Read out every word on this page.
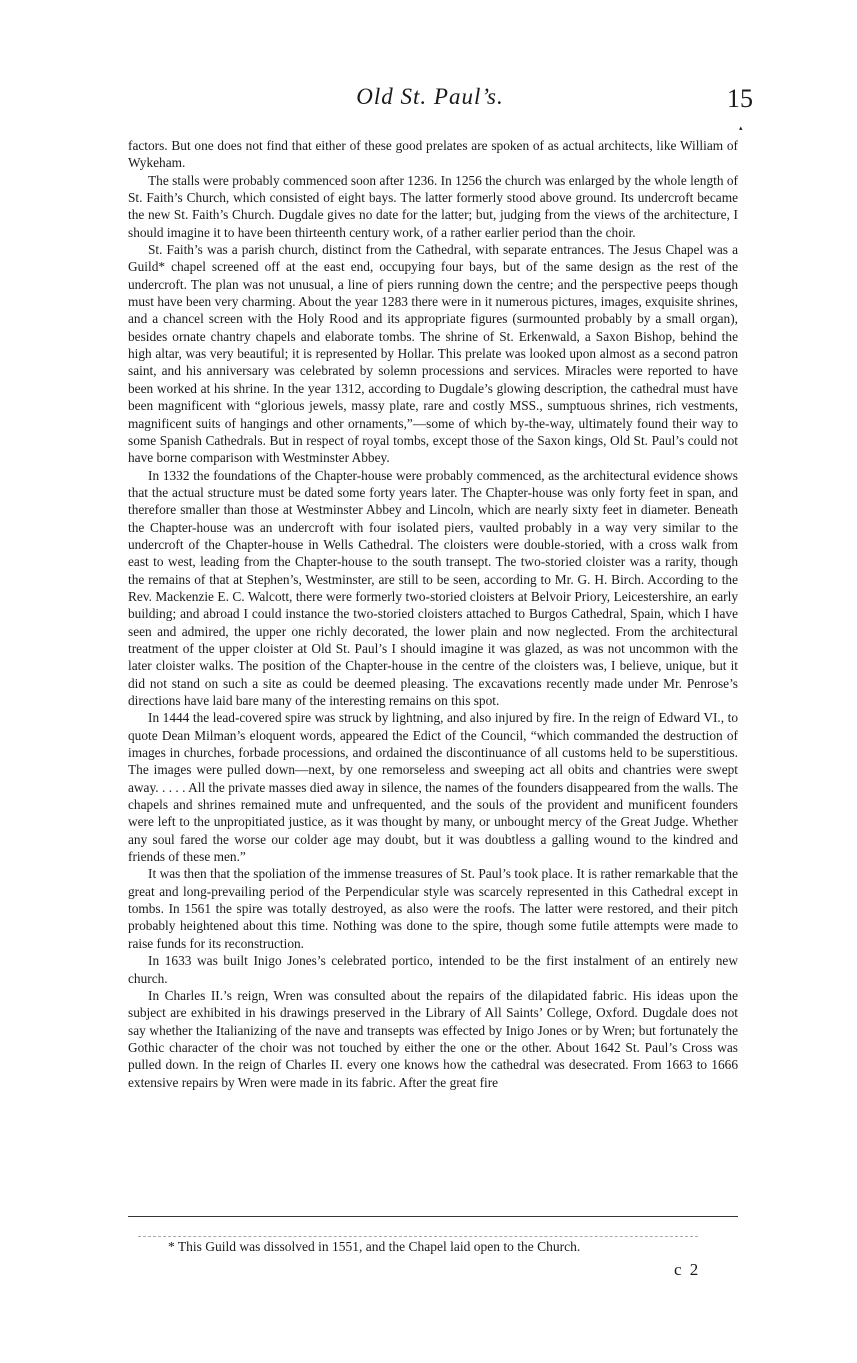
Old St. Paul’s.	15
▴

factors. But one does not find that either of these good prelates are spoken of as actual architects, like William of Wykeham.

The stalls were probably commenced soon after 1236. In 1256 the church was enlarged by the whole length of St. Faith’s Church, which consisted of eight bays. The latter formerly stood above ground. Its undercroft became the new St. Faith’s Church. Dugdale gives no date for the latter; but, judging from the views of the architecture, I should imagine it to have been thirteenth century work, of a rather earlier period than the choir.

St. Faith’s was a parish church, distinct from the Cathedral, with separate entrances. The Jesus Chapel was a Guild* chapel screened off at the east end, occupying four bays, but of the same design as the rest of the undercroft. The plan was not unusual, a line of piers running down the centre; and the perspective peeps though must have been very charming. About the year 1283 there were in it numerous pictures, images, exquisite shrines, and a chancel screen with the Holy Rood and its appropriate figures (surmounted probably by a small organ), besides ornate chantry chapels and elaborate tombs. The shrine of St. Erkenwald, a Saxon Bishop, behind the high altar, was very beautiful; it is represented by Hollar. This prelate was looked upon almost as a second patron saint, and his anniversary was celebrated by solemn processions and services. Miracles were reported to have been worked at his shrine. In the year 1312, according to Dugdale’s glowing description, the cathedral must have been magnificent with “glorious jewels, massy plate, rare and costly MSS., sumptuous shrines, rich vestments, magnificent suits of hangings and other ornaments,”—some of which by-the-way, ultimately found their way to some Spanish Cathedrals. But in respect of royal tombs, except those of the Saxon kings, Old St. Paul’s could not have borne comparison with Westminster Abbey.

In 1332 the foundations of the Chapter-house were probably commenced, as the architectural evidence shows that the actual structure must be dated some forty years later. The Chapter-house was only forty feet in span, and therefore smaller than those at Westminster Abbey and Lincoln, which are nearly sixty feet in diameter. Beneath the Chapter-house was an undercroft with four isolated piers, vaulted probably in a way very similar to the undercroft of the Chapter-house in Wells Cathedral. The cloisters were double-storied, with a cross walk from east to west, leading from the Chapter-house to the south transept. The two-storied cloister was a rarity, though the remains of that at Stephen’s, Westminster, are still to be seen, according to Mr. G. H. Birch. According to the Rev. Mackenzie E. C. Walcott, there were formerly two-storied cloisters at Belvoir Priory, Leicestershire, an early building; and abroad I could instance the two-storied cloisters attached to Burgos Cathedral, Spain, which I have seen and admired, the upper one richly decorated, the lower plain and now neglected. From the architectural treatment of the upper cloister at Old St. Paul’s I should imagine it was glazed, as was not uncommon with the later cloister walks. The position of the Chapter-house in the centre of the cloisters was, I believe, unique, but it did not stand on such a site as could be deemed pleasing. The excavations recently made under Mr. Penrose’s directions have laid bare many of the interesting remains on this spot.

In 1444 the lead-covered spire was struck by lightning, and also injured by fire. In the reign of Edward VI., to quote Dean Milman’s eloquent words, appeared the Edict of the Council, “which commanded the destruction of images in churches, forbade processions, and ordained the discontinuance of all customs held to be superstitious. The images were pulled down—next, by one remorseless and sweeping act all obits and chantries were swept away. . . . . All the private masses died away in silence, the names of the founders disappeared from the walls. The chapels and shrines remained mute and unfrequented, and the souls of the provident and munificent founders were left to the unpropitiated justice, as it was thought by many, or unbought mercy of the Great Judge. Whether any soul fared the worse our colder age may doubt, but it was doubtless a galling wound to the kindred and friends of these men.”

It was then that the spoliation of the immense treasures of St. Paul’s took place. It is rather remarkable that the great and long-prevailing period of the Perpendicular style was scarcely represented in this Cathedral except in tombs. In 1561 the spire was totally destroyed, as also were the roofs. The latter were restored, and their pitch probably heightened about this time. Nothing was done to the spire, though some futile attempts were made to raise funds for its reconstruction.

In 1633 was built Inigo Jones’s celebrated portico, intended to be the first instalment of an entirely new church.

In Charles II.’s reign, Wren was consulted about the repairs of the dilapidated fabric. His ideas upon the subject are exhibited in his drawings preserved in the Library of All Saints’ College, Oxford. Dugdale does not say whether the Italianizing of the nave and transepts was effected by Inigo Jones or by Wren; but fortunately the Gothic character of the choir was not touched by either the one or the other. About 1642 St. Paul’s Cross was pulled down. In the reign of Charles II. every one knows how the cathedral was desecrated. From 1663 to 1666 extensive repairs by Wren were made in its fabric. After the great fire

* This Guild was dissolved in 1551, and the Chapel laid open to the Church.
c 2
